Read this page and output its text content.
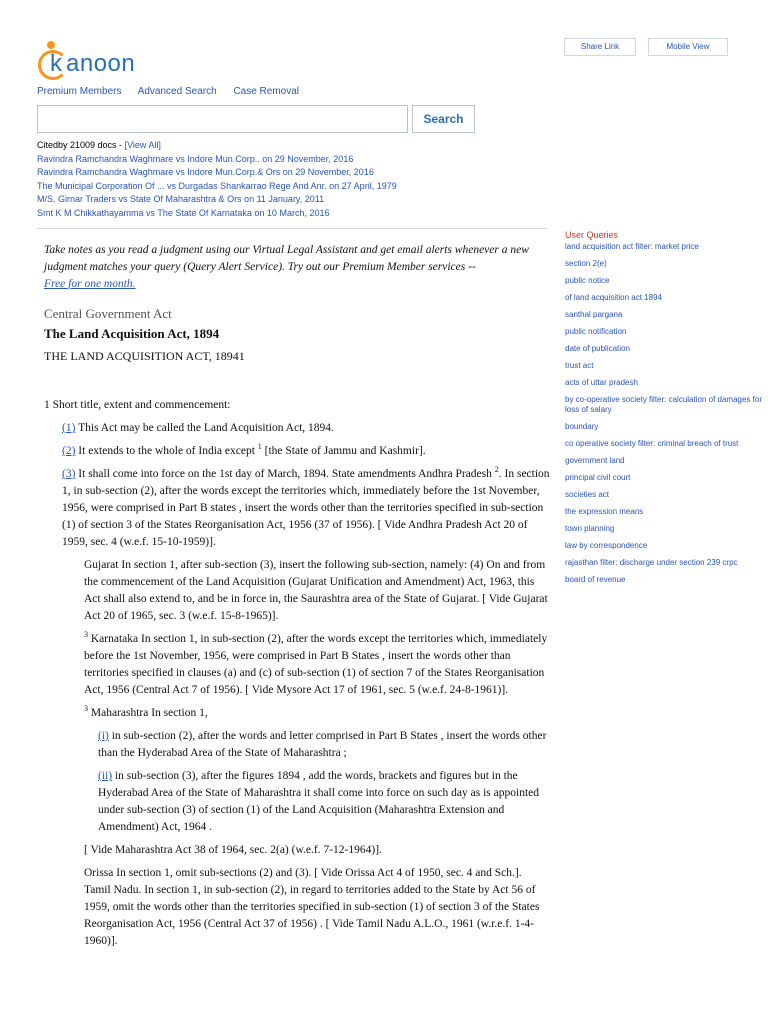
k anoon
Share Link	Mobile View
Premium Members Advanced Search Case Removal
Search
Citedby 21009 docs - [View All]
Ravindra Ramchandra Waghmare vs Indore Mun.Corp.. on 29 November, 2016
Ravindra Ramchandra Waghmare vs Indore Mun.Corp.& Ors on 29 November, 2016
The Municipal Corporation Of ... vs Durgadas Shankarrao Rege And Anr. on 27 April, 1979
M/S. Girnar Traders vs State Of Maharashtra & Ors on 11 January, 2011
Smt K M Chikkathayamma vs The State Of Karnataka on 10 March, 2016
Take notes as you read a judgment using our Virtual Legal Assistant and get email alerts whenever a new judgment matches your query (Query Alert Service). Try out our Premium Member services --
Free for one month.
Central Government Act
The Land Acquisition Act, 1894
THE LAND ACQUISITION ACT, 18941
1 Short title, extent and commencement:
(1) This Act may be called the Land Acquisition Act, 1894.
(2) It extends to the whole of India except $^1$ [the State of Jammu and Kashmir].
(3) It shall come into force on the 1st day of March, 1894. State amendments Andhra Pradesh $^2$. In section 1, in sub-section (2), after the words except the territories which, immediately before the 1st November, 1956, were comprised in Part B states , insert the words other than the territories specified in sub-section (1) of section 3 of the States Reorganisation Act, 1956 (37 of 1956). [ Vide Andhra Pradesh Act 20 of 1959, sec. 4 (w.e.f. 15-10-1959)].
Gujarat In section 1, after sub-section (3), insert the following sub-section, namely: (4) On and from the commencement of the Land Acquisition (Gujarat Unification and Amendment) Act, 1963, this Act shall also extend to, and be in force in, the Saurashtra area of the State of Gujarat. [ Vide Gujarat Act 20 of 1965, sec. 3 (w.e.f. 15-8-1965)].
$^3$ Karnataka In section 1, in sub-section (2), after the words except the territories which, immediately before the 1st November, 1956, were comprised in Part B States , insert the words other than territories specified in clauses (a) and (c) of sub-section (1) of section 7 of the States Reorganisation Act, 1956 (Central Act 7 of 1956). [ Vide Mysore Act 17 of 1961, sec. 5 (w.e.f. 24-8-1961)].
$^3$ Maharashtra In section 1,
(i) in sub-section (2), after the words and letter comprised in Part B States , insert the words other than the Hyderabad Area of the State of Maharashtra ;
(ii) in sub-section (3), after the figures 1894 , add the words, brackets and figures but in the Hyderabad Area of the State of Maharashtra it shall come into force on such day as is appointed under sub-section (3) of section (1) of the Land Acquisition (Maharashtra Extension and Amendment) Act, 1964 .
[ Vide Maharashtra Act 38 of 1964, sec. 2(a) (w.e.f. 7-12-1964)].
Orissa In section 1, omit sub-sections (2) and (3). [ Vide Orissa Act 4 of 1950, sec. 4 and Sch.]. Tamil Nadu. In section 1, in sub-section (2), in regard to territories added to the State by Act 56 of 1959, omit the words other than the territories specified in sub-section (1) of section 3 of the States Reorganisation Act, 1956 (Central Act 37 of 1956) . [ Vide Tamil Nadu A.L.O., 1961 (w.r.e.f. 1-4-1960)].
User Queries
land acquisition act filter: market price
section 2(e)
public notice
of land acquisition act 1894
santhal pargana
public notification
date of publication
trust act
acts of uttar pradesh
by co-operative society filter: calculation of damages for loss of salary
boundary
co operative society filter: criminal breach of trust
government land
principal civil court
societies act
the expression means
town planning
law by correspondence
rajasthan filter: discharge under section 239 crpc
board of revenue
